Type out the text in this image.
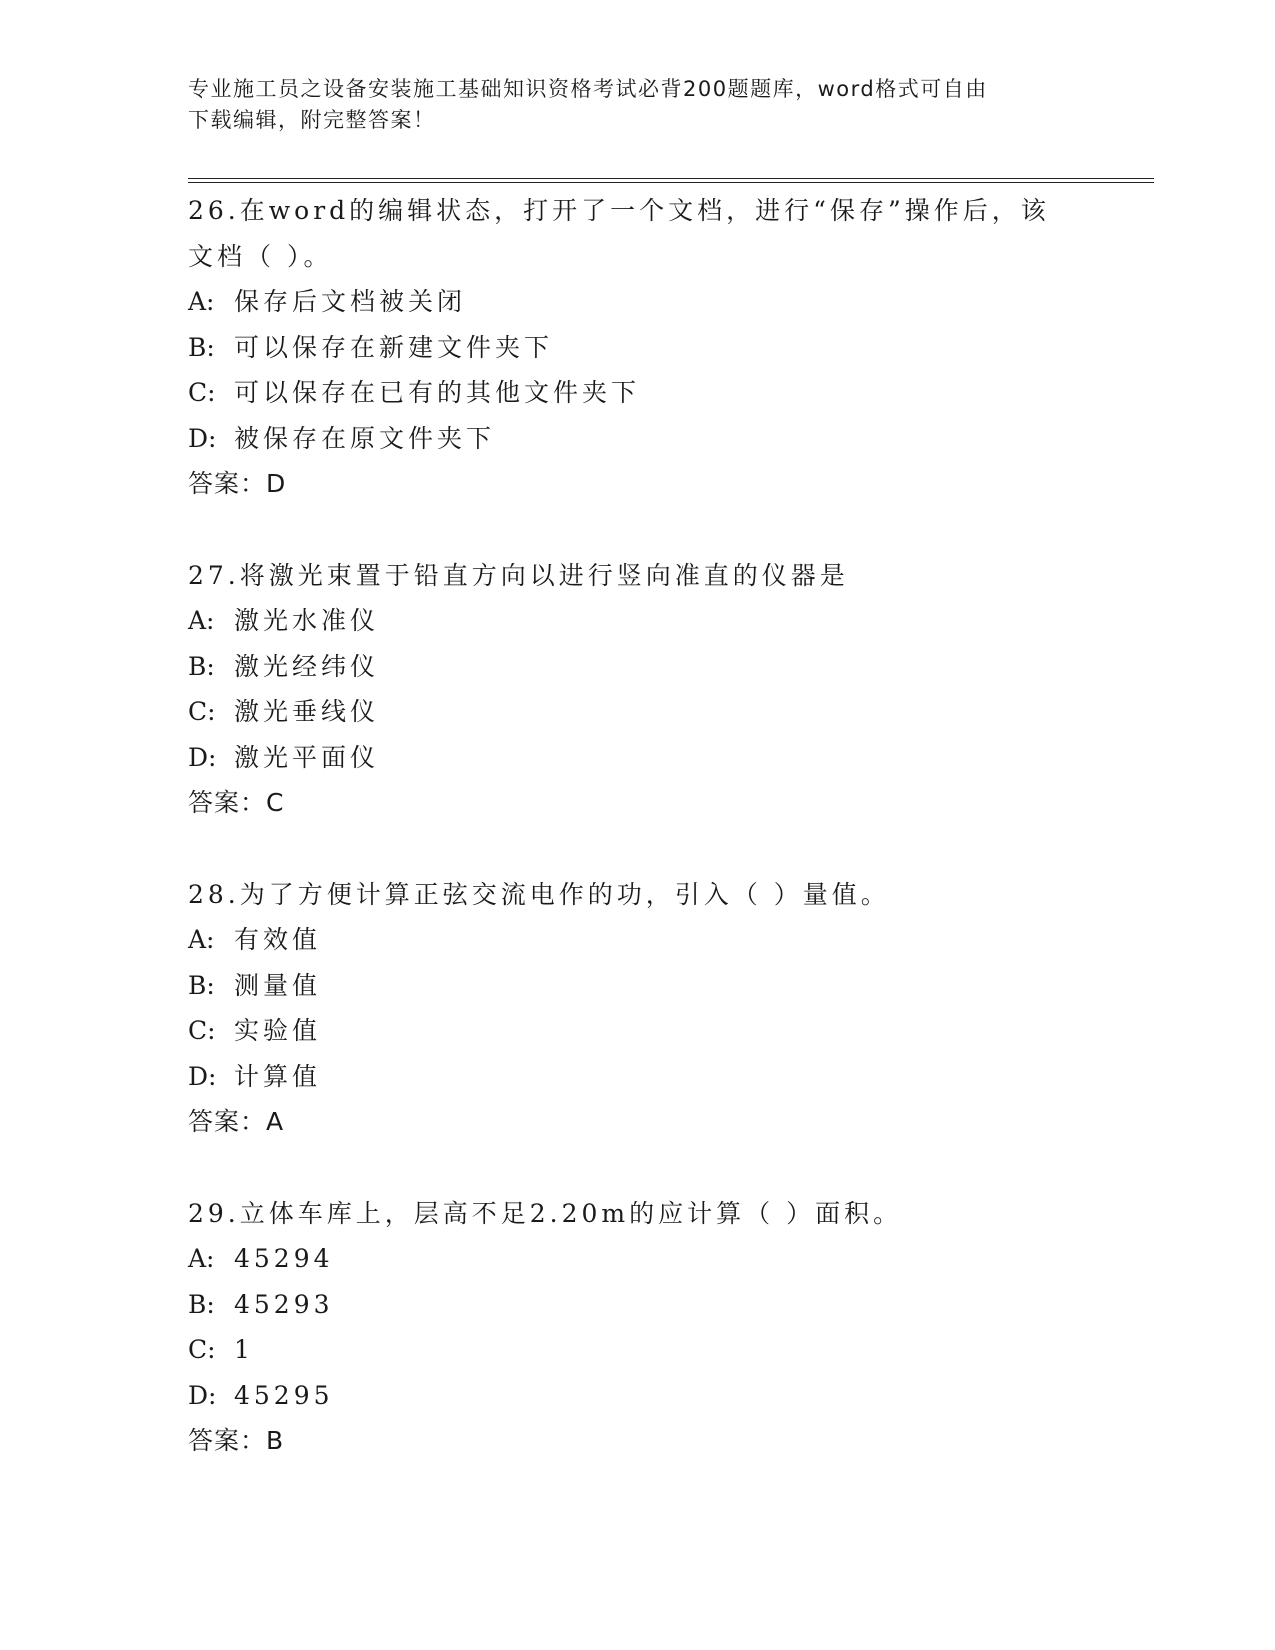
专业施工员之设备安装施工基础知识资格考试必背200题题库，word格式可自由
下载编辑，附完整答案！
26.在word的编辑状态，打开了一个文档，进行“保存”操作后，该
文档（ ）。
A: 保存后文档被关闭
B: 可以保存在新建文件夹下
C: 可以保存在已有的其他文件夹下
D: 被保存在原文件夹下
答案：D
27.将激光束置于铅直方向以进行竖向准直的仪器是
A: 激光水准仪
B: 激光经纬仪
C: 激光垂线仪
D: 激光平面仪
答案：C
28.为了方便计算正弦交流电作的功，引入（ ）量值。
A: 有效值
B: 测量值
C: 实验值
D: 计算值
答案：A
29.立体车库上，层高不足2.20m的应计算（ ）面积。
A: 45294
B: 45293
C: 1
D: 45295
答案：B
